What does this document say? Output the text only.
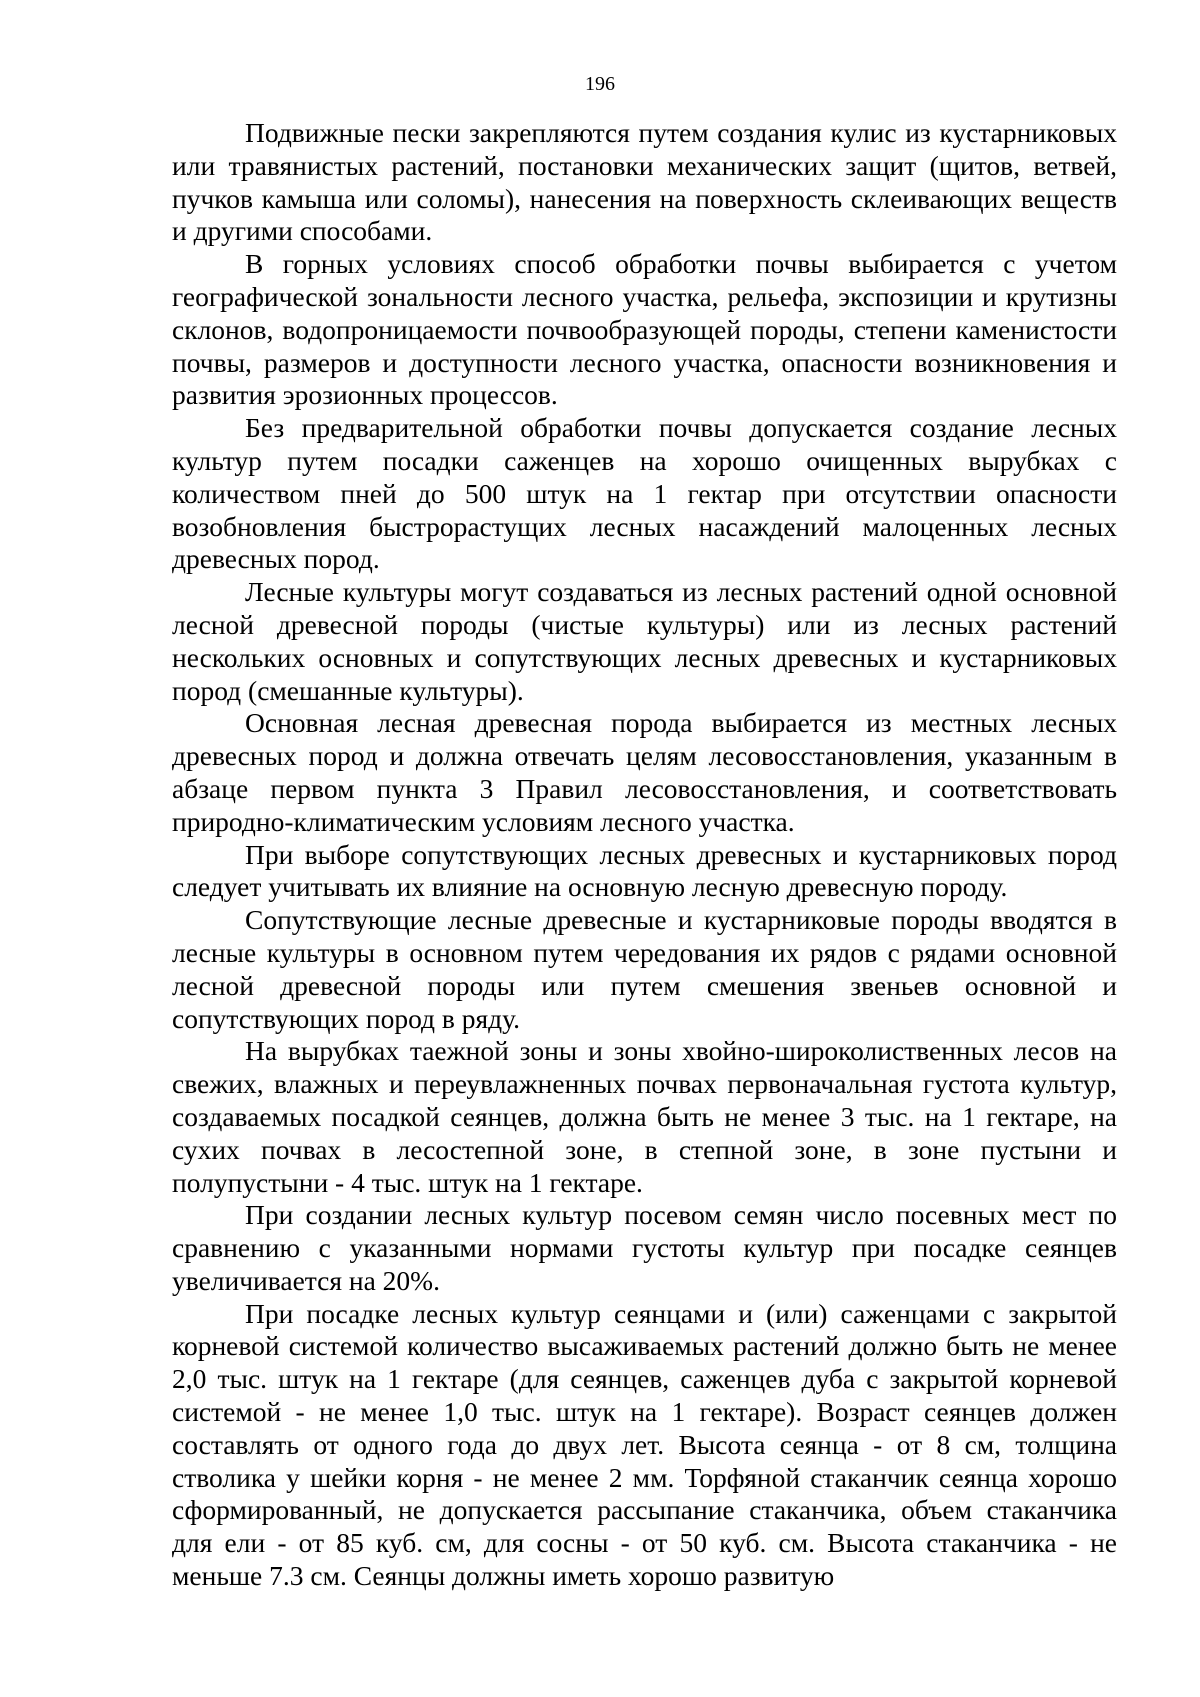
196

Подвижные пески закрепляются путем создания кулис из кустарниковых или травянистых растений, постановки механических защит (щитов, ветвей, пучков камыша или соломы), нанесения на поверхность склеивающих веществ и другими способами.

В горных условиях способ обработки почвы выбирается с учетом географической зональности лесного участка, рельефа, экспозиции и крутизны склонов, водопроницаемости почвообразующей породы, степени каменистости почвы, размеров и доступности лесного участка, опасности возникновения и развития эрозионных процессов.

Без предварительной обработки почвы допускается создание лесных культур путем посадки саженцев на хорошо очищенных вырубках с количеством пней до 500 штук на 1 гектар при отсутствии опасности возобновления быстрорастущих лесных насаждений малоценных лесных древесных пород.

Лесные культуры могут создаваться из лесных растений одной основной лесной древесной породы (чистые культуры) или из лесных растений нескольких основных и сопутствующих лесных древесных и кустарниковых пород (смешанные культуры).

Основная лесная древесная порода выбирается из местных лесных древесных пород и должна отвечать целям лесовосстановления, указанным в абзаце первом пункта 3 Правил лесовосстановления, и соответствовать природно-климатическим условиям лесного участка.

При выборе сопутствующих лесных древесных и кустарниковых пород следует учитывать их влияние на основную лесную древесную породу.

Сопутствующие лесные древесные и кустарниковые породы вводятся в лесные культуры в основном путем чередования их рядов с рядами основной лесной древесной породы или путем смешения звеньев основной и сопутствующих пород в ряду.

На вырубках таежной зоны и зоны хвойно-широколиственных лесов на свежих, влажных и переувлажненных почвах первоначальная густота культур, создаваемых посадкой сеянцев, должна быть не менее 3 тыс. на 1 гектаре, на сухих почвах в лесостепной зоне, в степной зоне, в зоне пустыни и полупустыни - 4 тыс. штук на 1 гектаре.

При создании лесных культур посевом семян число посевных мест по сравнению с указанными нормами густоты культур при посадке сеянцев увеличивается на 20%.

При посадке лесных культур сеянцами и (или) саженцами с закрытой корневой системой количество высаживаемых растений должно быть не менее 2,0 тыс. штук на 1 гектаре (для сеянцев, саженцев дуба с закрытой корневой системой - не менее 1,0 тыс. штук на 1 гектаре). Возраст сеянцев должен составлять от одного года до двух лет. Высота сеянца - от 8 см, толщина стволика у шейки корня - не менее 2 мм. Торфяной стаканчик сеянца хорошо сформированный, не допускается рассыпание стаканчика, объем стаканчика для ели - от 85 куб. см, для сосны - от 50 куб. см. Высота стаканчика - не меньше 7.3 см. Сеянцы должны иметь хорошо развитую
